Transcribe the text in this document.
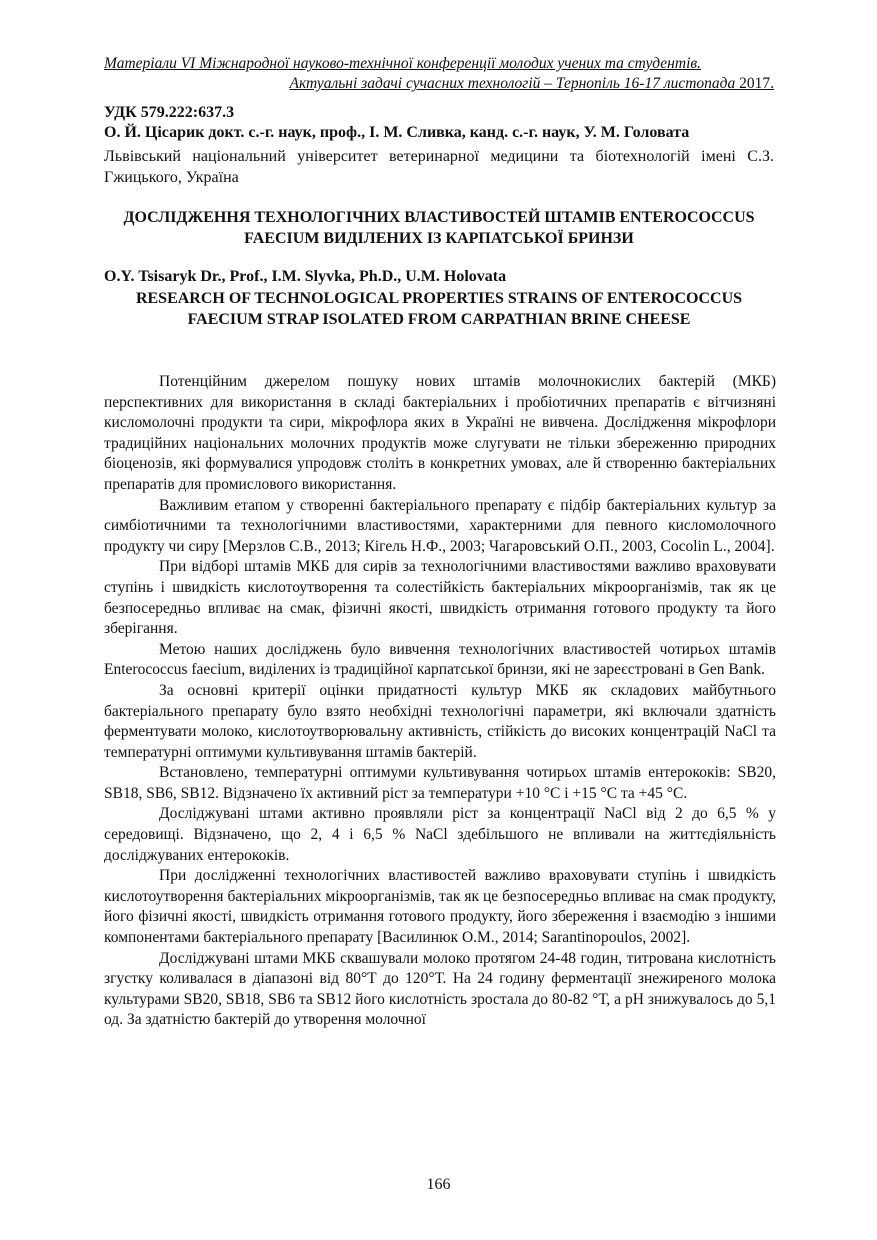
Матеріали VI Міжнародної науково-технічної конференції молодих учених та студентів.
Актуальні задачі сучасних технологій – Тернопіль 16-17 листопада 2017.
УДК 579.222:637.3
О. Й. Цісарик докт. с.-г. наук, проф., І. М. Сливка, канд. с.-г. наук, У. М. Головата
Львівський національний університет ветеринарної медицини та біотехнологій імені С.З. Гжицького, Україна
ДОСЛІДЖЕННЯ ТЕХНОЛОГІЧНИХ ВЛАСТИВОСТЕЙ ШТАМІВ ENTEROCOCCUS FAECIUM ВИДІЛЕНИХ ІЗ КАРПАТСЬКОЇ БРИНЗИ
O.Y. Tsisaryk Dr., Prof., I.M. Slyvka, Ph.D., U.M. Holovata
RESEARCH OF TECHNOLOGICAL PROPERTIES STRAINS OF ENTEROCOCCUS FAECIUM STRAP ISOLATED FROM CARPATHIAN BRINE CHEESE

Потенційним джерелом пошуку нових штамів молочнокислих бактерій (МКБ) перспективних для використання в складі бактеріальних і пробіотичних препаратів є вітчизняні кисломолочні продукти та сири, мікрофлора яких в Україні не вивчена. Дослідження мікрофлори традиційних національних молочних продуктів може слугувати не тільки збереженню природних біоценозів, які формувалися упродовж століть в конкретних умовах, але й створенню бактеріальних препаратів для промислового використання.

Важливим етапом у створенні бактеріального препарату є підбір бактеріальних культур за симбіотичними та технологічними властивостями, характерними для певного кисломолочного продукту чи сиру [Мерзлов С.В., 2013; Кігель Н.Ф., 2003; Чагаровський О.П., 2003, Cocolin L., 2004].

При відборі штамів МКБ для сирів за технологічними властивостями важливо враховувати ступінь і швидкість кислотоутворення та солестійкість бактеріальних мікроорганізмів, так як це безпосередньо впливає на смак, фізичні якості, швидкість отримання готового продукту та його зберігання.

Метою наших досліджень було вивчення технологічних властивостей чотирьох штамів Enterococcus faecium, виділених із традиційної карпатської бринзи, які не зареєстровані в Gen Bank.

За основні критерії оцінки придатності культур МКБ як складових майбутнього бактеріального препарату було взято необхідні технологічні параметри, які включали здатність ферментувати молоко, кислотоутворювальну активність, стійкість до високих концентрацій NaCl та температурні оптимуми культивування штамів бактерій.

Встановлено, температурні оптимуми культивування чотирьох штамів ентерококів: SB20, SB18, SB6, SB12. Відзначено їх активний ріст за температури +10 °C і +15 °C та +45 °C.

Досліджувані штами активно проявляли ріст за концентрації NaCl від 2 до 6,5 % у середовищі. Відзначено, що 2, 4 і 6,5 % NaCl здебільшого не впливали на життєдіяльність досліджуваних ентерококів.

При дослідженні технологічних властивостей важливо враховувати ступінь і швидкість кислотоутворення бактеріальних мікроорганізмів, так як це безпосередньо впливає на смак продукту, його фізичні якості, швидкість отримання готового продукту, його збереження і взаємодію з іншими компонентами бактеріального препарату [Василинюк О.М., 2014; Sarantinopoulos, 2002].

Досліджувані штами МКБ сквашували молоко протягом 24-48 годин, титрована кислотність згустку коливалася в діапазоні від 80°Т до 120°Т. На 24 годину ферментації знежиреного молока культурами SB20, SB18, SB6 та SB12 його кислотність зростала до 80-82 °Т, а pH знижувалось до 5,1 од. За здатністю бактерій до утворення молочної

166
